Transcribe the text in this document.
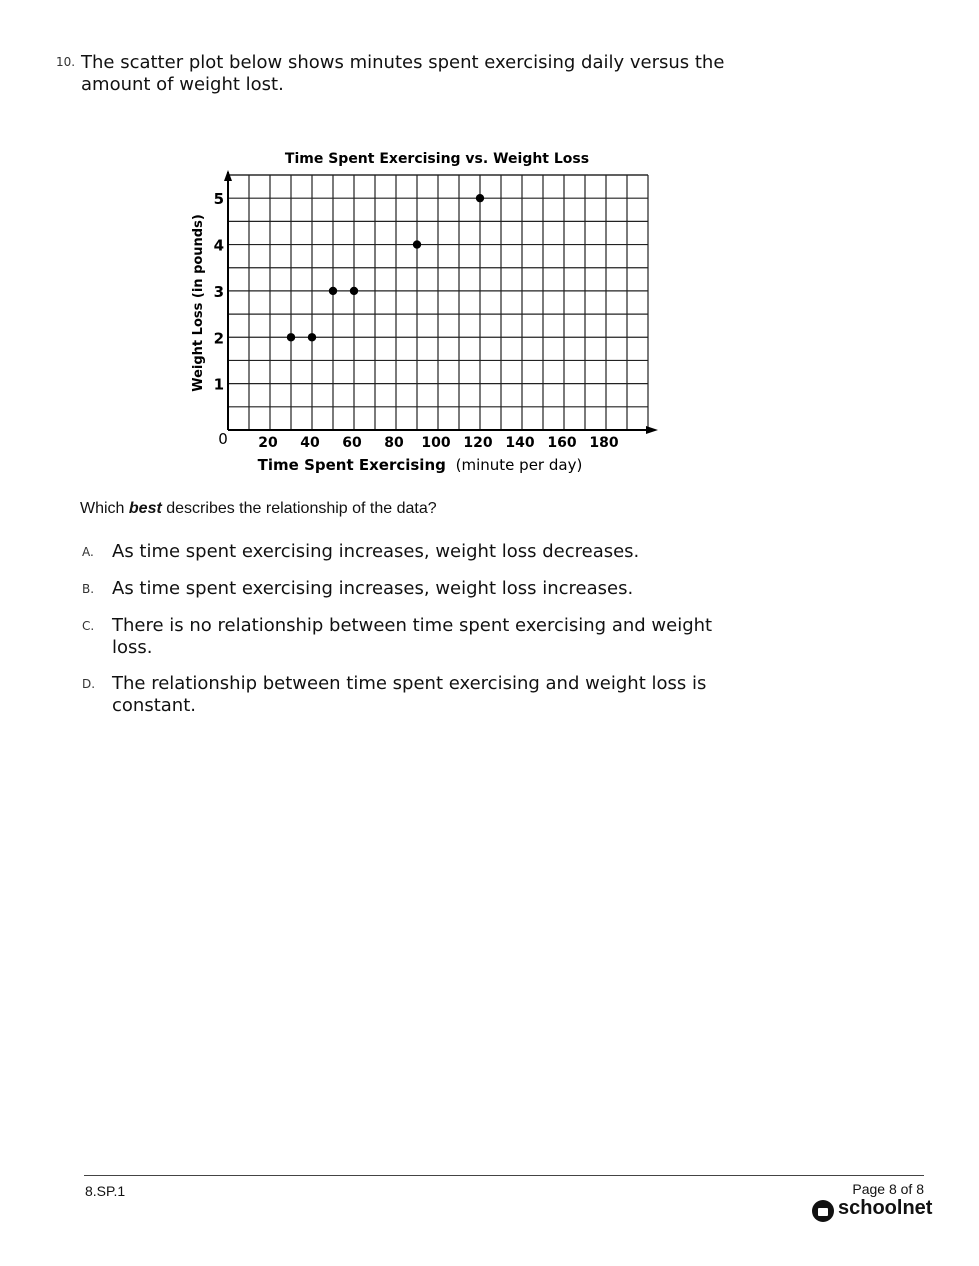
10. The scatter plot below shows minutes spent exercising daily versus the amount of weight lost.
Time Spent Exercising vs. Weight Loss
1
2
3
4
5
20 40 60 80 100 120 140 160 180
0
Weight Loss (in pounds)
Time Spent Exercising (minute per day)
Which best describes the relationship of the data?
A. As time spent exercising increases, weight loss decreases.
B. As time spent exercising increases, weight loss increases.
C. There is no relationship between time spent exercising and weight loss.
D. The relationship between time spent exercising and weight loss is constant.
8.SP.1	Page 8 of 8
schoolnet
